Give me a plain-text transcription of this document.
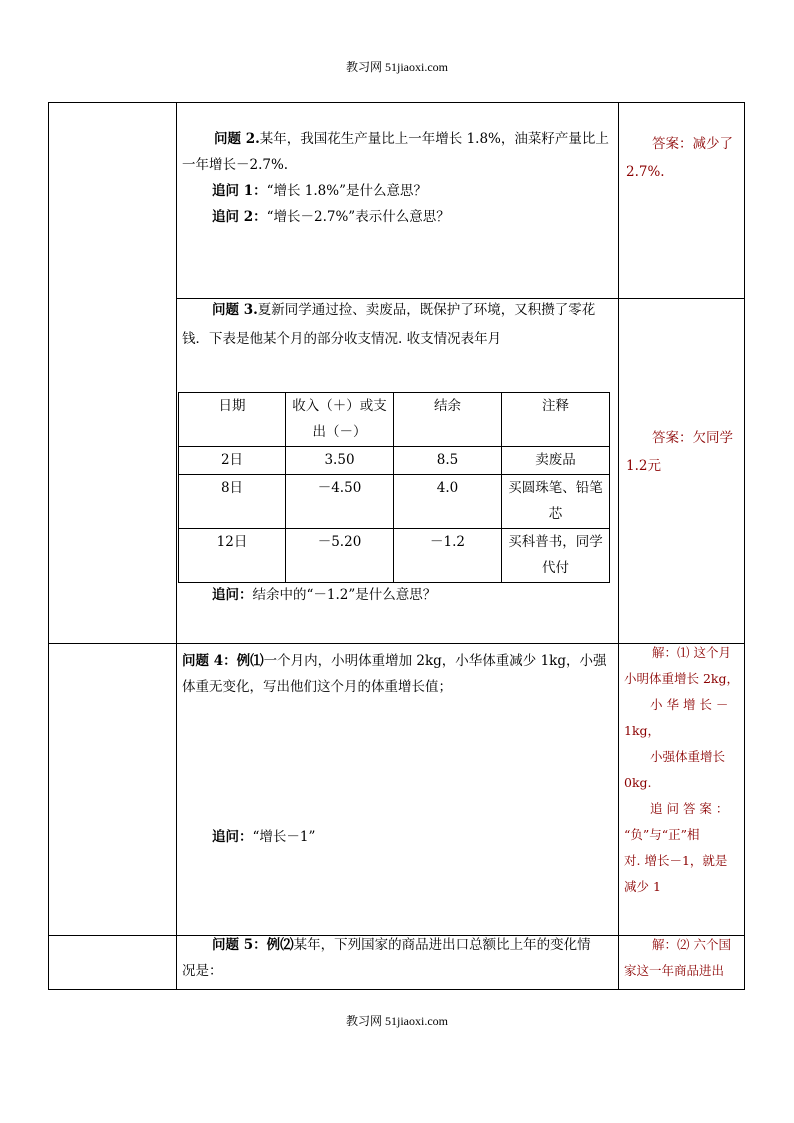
教习网 51jiaoxi.com
问题 2.某年，我国花生产量比上一年增长 1.8%，油菜籽产量比上
一年增长－2.7%.
追问 1：“增长 1.8%”是什么意思？
追问 2：“增长－2.7%”表示什么意思？
答案：减少了
2.7%.
问题 3.夏新同学通过捡、卖废品，既保护了环境，又积攒了零花
钱．下表是他某个月的部分收支情况. 收支情况表年月
日期	收入（＋）或支出（－）	结余	注释
2日	3.50	8.5	卖废品
8日	－4.50	4.0	买圆珠笔、铅笔芯
12日	－5.20	－1.2	买科普书，同学代付
追问：结余中的“－1.2”是什么意思？
答案：欠同学
1.2元
问题 4：例⑴一个月内，小明体重增加 2kg，小华体重减少 1kg，小强
体重无变化，写出他们这个月的体重增长值；
追问：“增长－1”
解：⑴ 这个月
小明体重增长 2kg，
小 华 增 长 －
1kg，
小强体重增长
0kg.
追 问 答 案 ：
“负”与“正”相
对. 增长－1，就是
减少 1
问题 5：例⑵某年，下列国家的商品进出口总额比上年的变化情
况是：
解：⑵ 六个国
家这一年商品进出
教习网 51jiaoxi.com
